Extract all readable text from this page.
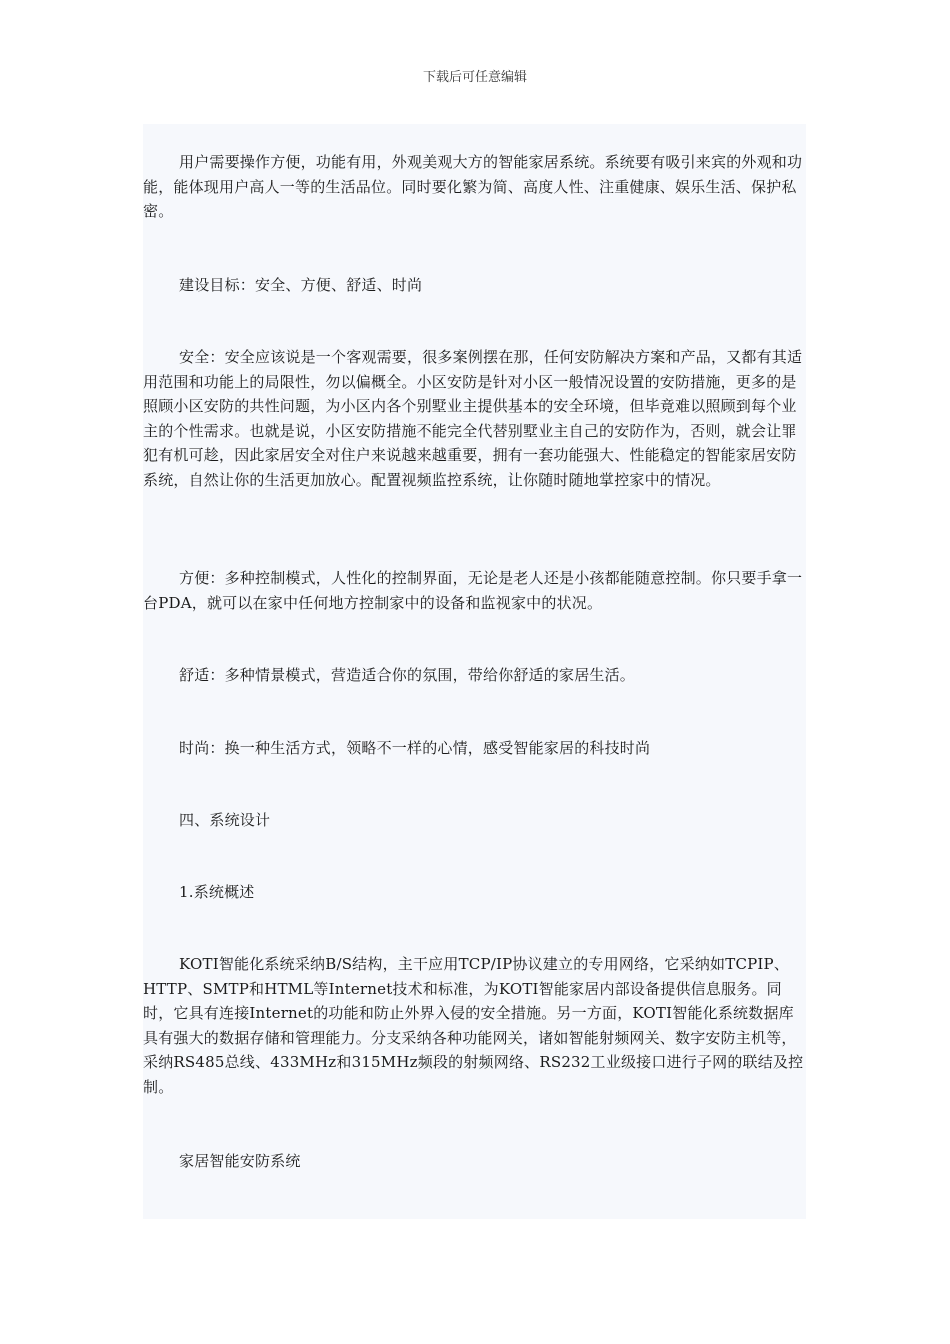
下载后可任意编辑

用户需要操作方便，功能有用，外观美观大方的智能家居系统。系统要有吸引来宾的外观和功能，能体现用户高人一等的生活品位。同时要化繁为简、高度人性、注重健康、娱乐生活、保护私密。

建设目标：安全、方便、舒适、时尚

安全：安全应该说是一个客观需要，很多案例摆在那，任何安防解决方案和产品，又都有其适用范围和功能上的局限性，勿以偏概全。小区安防是针对小区一般情况设置的安防措施，更多的是照顾小区安防的共性问题，为小区内各个别墅业主提供基本的安全环境，但毕竟难以照顾到每个业主的个性需求。也就是说，小区安防措施不能完全代替别墅业主自己的安防作为，否则，就会让罪犯有机可趁，因此家居安全对住户来说越来越重要，拥有一套功能强大、性能稳定的智能家居安防系统，自然让你的生活更加放心。配置视频监控系统，让你随时随地掌控家中的情况。

方便：多种控制模式，人性化的控制界面，无论是老人还是小孩都能随意控制。你只要手拿一台PDA，就可以在家中任何地方控制家中的设备和监视家中的状况。

舒适：多种情景模式，营造适合你的氛围，带给你舒适的家居生活。

时尚：换一种生活方式，领略不一样的心情，感受智能家居的科技时尚

四、系统设计

1.系统概述

KOTI智能化系统采纳B/S结构，主干应用TCP/IP协议建立的专用网络，它采纳如TCPIP、HTTP、SMTP和HTML等Internet技术和标准，为KOTI智能家居内部设备提供信息服务。同时，它具有连接Internet的功能和防止外界入侵的安全措施。另一方面，KOTI智能化系统数据库具有强大的数据存储和管理能力。分支采纳各种功能网关，诸如智能射频网关、数字安防主机等，采纳RS485总线、433MHz和315MHz频段的射频网络、RS232工业级接口进行子网的联结及控制。

家居智能安防系统
